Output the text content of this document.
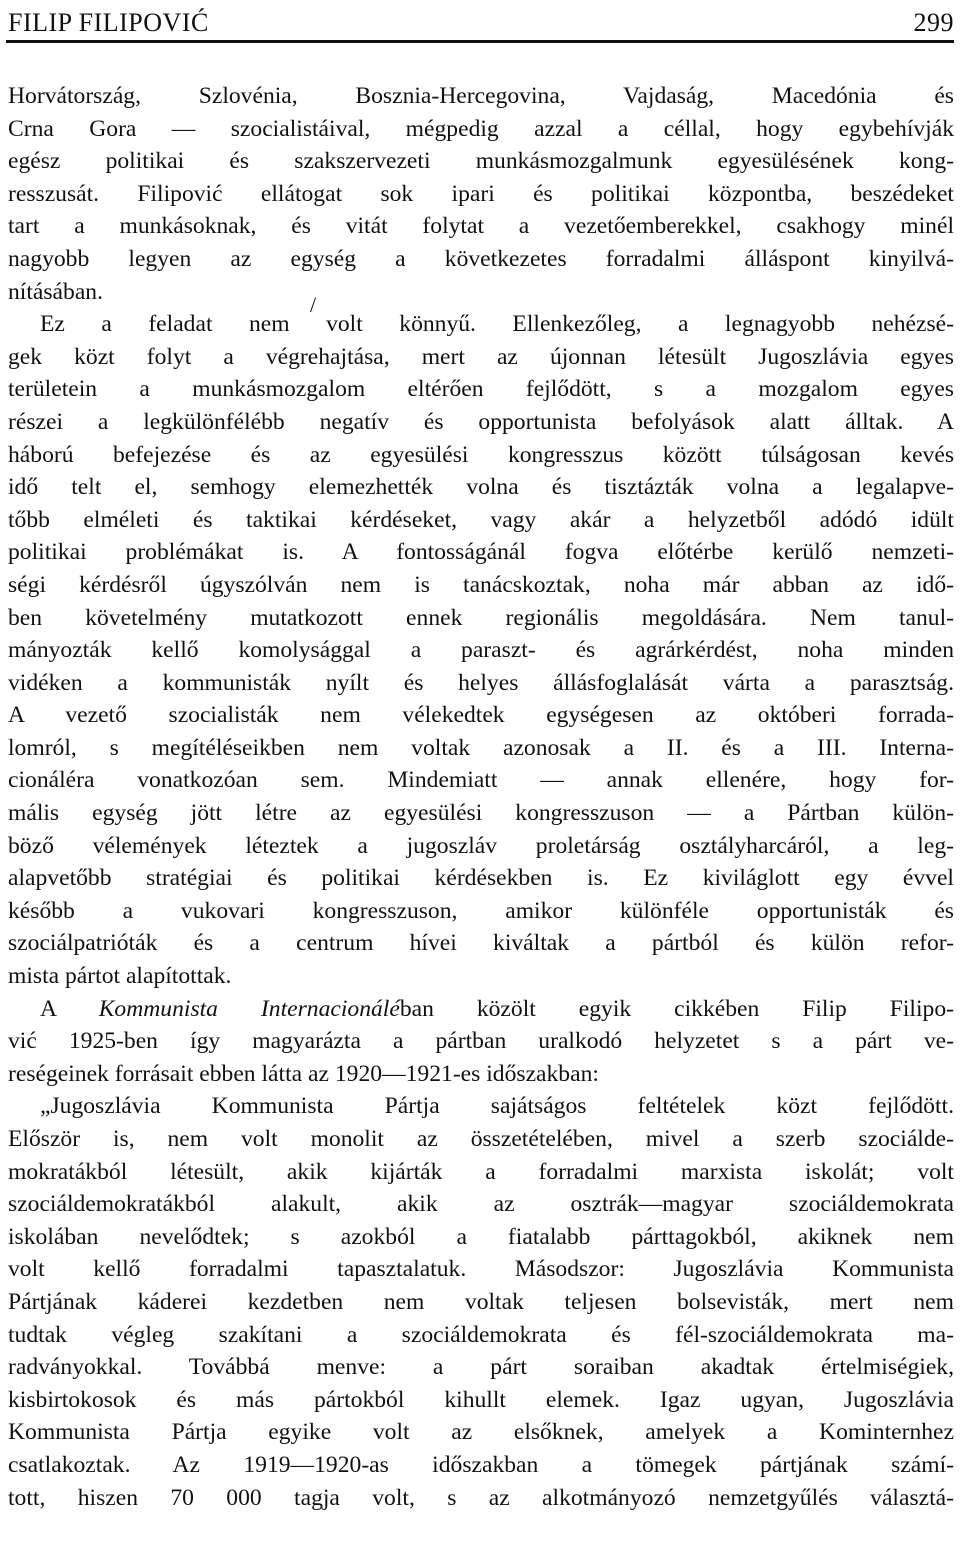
FILIP FILIPOVIĆ	299
/

Horvátország, Szlovénia, Bosznia-Hercegovina, Vajdaság, Macedónia és

Crna Gora — szocialistáival, mégpedig azzal a céllal, hogy egybehívják

egész politikai és szakszervezeti munkásmozgalmunk egyesülésének kong-

resszusát. Filipović ellátogat sok ipari és politikai központba, beszédeket

tart a munkásoknak, és vitát folytat a vezetőemberekkel, csakhogy minél

nagyobb legyen az egység a következetes forradalmi álláspont kinyilvá-

nításában.

Ez a feladat nem volt könnyű. Ellenkezőleg, a legnagyobb nehézsé-

gek közt folyt a végrehajtása, mert az újonnan létesült Jugoszlávia egyes

területein a munkásmozgalom eltérően fejlődött, s a mozgalom egyes

részei a legkülönfélébb negatív és opportunista befolyások alatt álltak. A

háború befejezése és az egyesülési kongresszus között túlságosan kevés

idő telt el, semhogy elemezhették volna és tisztázták volna a legalapve-

tőbb elméleti és taktikai kérdéseket, vagy akár a helyzetből adódó idült

politikai problémákat is. A fontosságánál fogva előtérbe kerülő nemzeti-

ségi kérdésről úgyszólván nem is tanácskoztak, noha már abban az idő-

ben követelmény mutatkozott ennek regionális megoldására. Nem tanul-

mányozták kellő komolysággal a paraszt- és agrárkérdést, noha minden

vidéken a kommunisták nyílt és helyes állásfoglalását várta a parasztság.

A vezető szocialisták nem vélekedtek egységesen az októberi forrada-

lomról, s megítéléseikben nem voltak azonosak a II. és a III. Interna-

cionáléra vonatkozóan sem. Mindemiatt — annak ellenére, hogy for-

mális egység jött létre az egyesülési kongresszuson — a Pártban külön-

böző vélemények léteztek a jugoszláv proletárság osztályharcáról, a leg-

alapvetőbb stratégiai és politikai kérdésekben is. Ez kiviláglott egy évvel

később a vukovari kongresszuson, amikor különféle opportunisták és

szociálpatrióták és a centrum hívei kiváltak a pártból és külön refor-

mista pártot alapítottak.

A Kommunista Internacionáléban közölt egyik cikkében Filip Filipo-

vić 1925-ben így magyarázta a pártban uralkodó helyzetet s a párt ve-

reségeinek forrásait ebben látta az 1920—1921-es időszakban:

„Jugoszlávia Kommunista Pártja sajátságos feltételek közt fejlődött.

Először is, nem volt monolit az összetételében, mivel a szerb szociálde-

mokratákból létesült, akik kijárták a forradalmi marxista iskolát; volt

szociáldemokratákból alakult, akik az osztrák—magyar szociáldemokrata

iskolában nevelődtek; s azokból a fiatalabb párttagokból, akiknek nem

volt kellő forradalmi tapasztalatuk. Másodszor: Jugoszlávia Kommunista

Pártjának káderei kezdetben nem voltak teljesen bolsevisták, mert nem

tudtak végleg szakítani a szociáldemokrata és fél-szociáldemokrata ma-

radványokkal. Továbbá menve: a párt soraiban akadtak értelmiségiek,

kisbirtokosok és más pártokból kihullt elemek. Igaz ugyan, Jugoszlávia

Kommunista Pártja egyike volt az elsőknek, amelyek a Kominternhez

csatlakoztak. Az 1919—1920-as időszakban a tömegek pártjának számí-

tott, hiszen 70 000 tagja volt, s az alkotmányozó nemzetgyűlés választá-
